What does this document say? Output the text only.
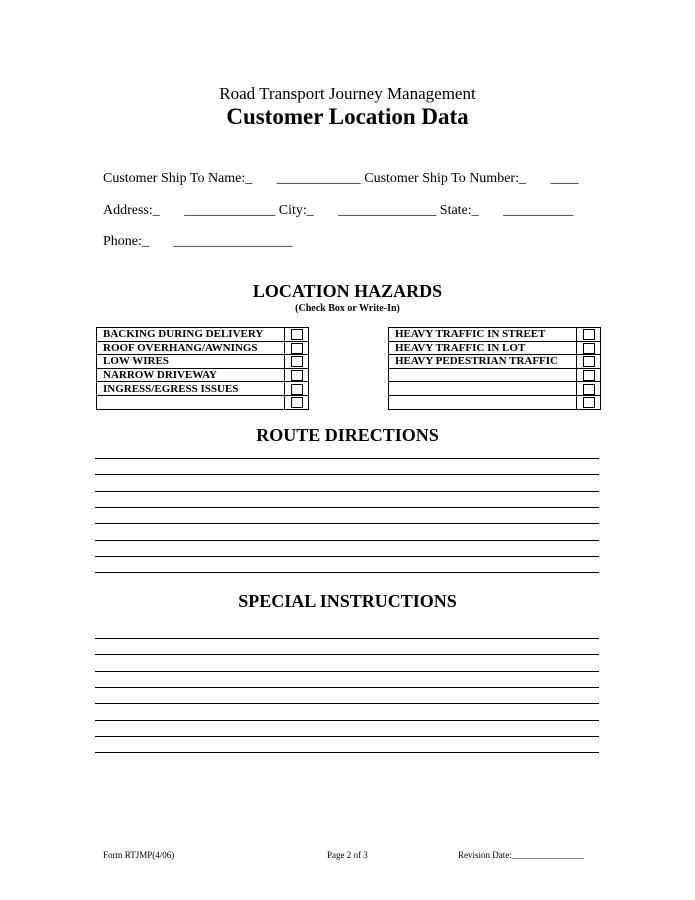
Road Transport Journey Management
Customer Location Data
Customer Ship To Name:_       ____________ Customer Ship To Number:_       ____
Address:_       _____________ City:_       ______________ State:_       __________
Phone:_       _________________
LOCATION HAZARDS
(Check Box or Write-In)
BACKING DURING DELIVERY	
ROOF OVERHANG/AWNINGS	
LOW WIRES	
NARROW DRIVEWAY	
INGRESS/EGRESS ISSUES	

HEAVY TRAFFIC IN STREET	
HEAVY TRAFFIC IN LOT	
HEAVY PEDESTRIAN TRAFFIC	

ROUTE DIRECTIONS
SPECIAL INSTRUCTIONS
Form RTJMP(4/06)	Page 2 of 3	Revision Date:________________
